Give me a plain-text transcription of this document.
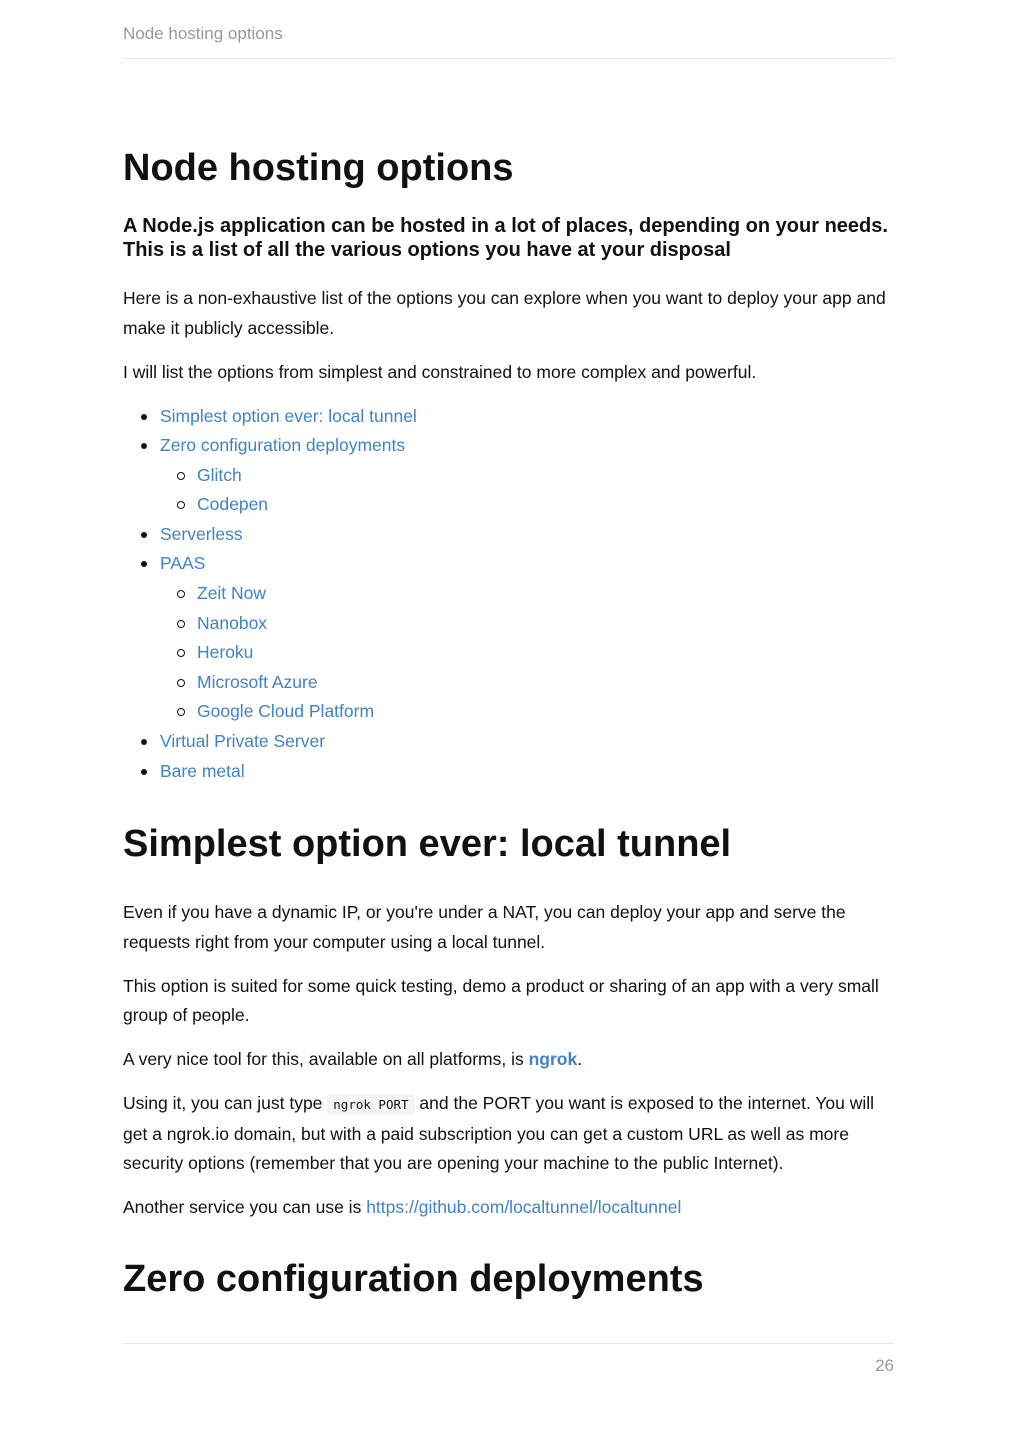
Node hosting options
Node hosting options
A Node.js application can be hosted in a lot of places, depending on your needs. This is a list of all the various options you have at your disposal

Here is a non-exhaustive list of the options you can explore when you want to deploy your app and make it publicly accessible.

I will list the options from simplest and constrained to more complex and powerful.

Simplest option ever: local tunnel
Zero configuration deployments
Glitch
Codepen
Serverless
PAAS
Zeit Now
Nanobox
Heroku
Microsoft Azure
Google Cloud Platform
Virtual Private Server
Bare metal
Simplest option ever: local tunnel

Even if you have a dynamic IP, or you're under a NAT, you can deploy your app and serve the requests right from your computer using a local tunnel.

This option is suited for some quick testing, demo a product or sharing of an app with a very small group of people.

A very nice tool for this, available on all platforms, is ngrok.

Using it, you can just type ngrok PORT and the PORT you want is exposed to the internet. You will get a ngrok.io domain, but with a paid subscription you can get a custom URL as well as more security options (remember that you are opening your machine to the public Internet).

Another service you can use is https://github.com/localtunnel/localtunnel

Zero configuration deployments
26
